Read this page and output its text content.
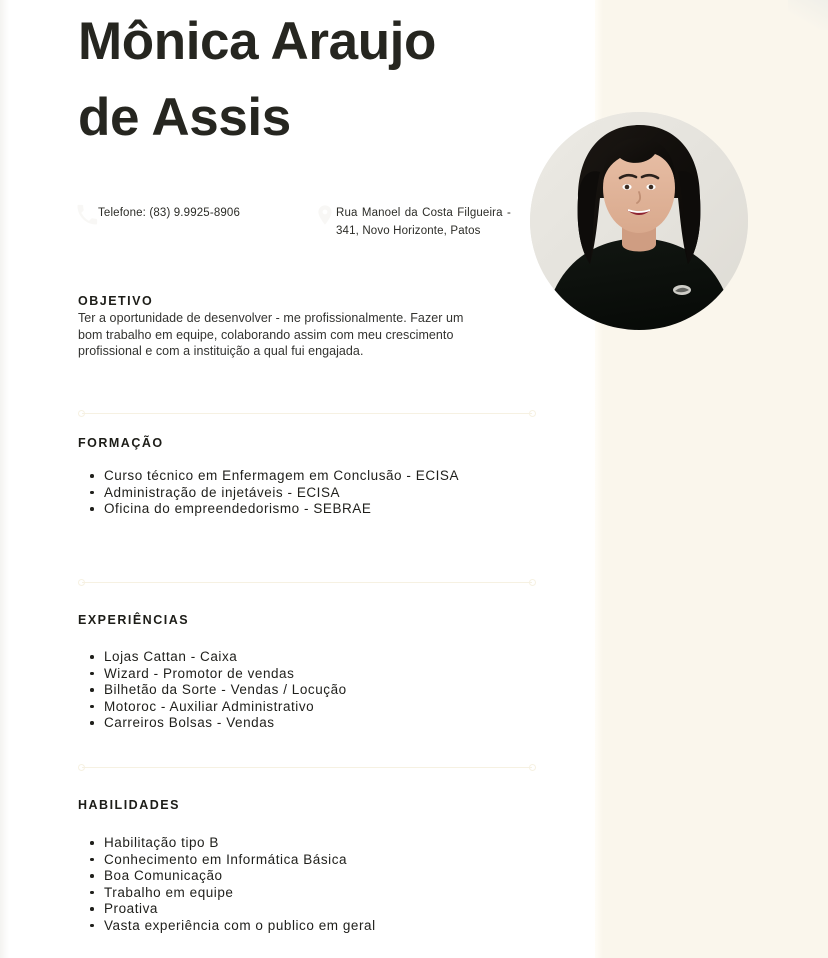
Mônica Araujo
de Assis
Telefone: (83) 9.9925-8906	Rua Manoel da Costa Filgueira - 341, Novo Horizonte, Patos
OBJETIVO

Ter a oportunidade de desenvolver - me profissionalmente. Fazer um bom trabalho em equipe, colaborando assim com meu crescimento profissional e com a instituição a qual fui engajada.

FORMAÇÃO
Curso técnico em Enfermagem em Conclusão - ECISA
Administração de injetáveis - ECISA
Oficina do empreendedorismo - SEBRAE
EXPERIÊNCIAS
Lojas Cattan - Caixa
Wizard - Promotor de vendas
Bilhetão da Sorte - Vendas / Locução
Motoroc - Auxiliar Administrativo
Carreiros Bolsas - Vendas
HABILIDADES
Habilitação tipo B
Conhecimento em Informática Básica
Boa Comunicação
Trabalho em equipe
Proativa
Vasta experiência com o publico em geral
